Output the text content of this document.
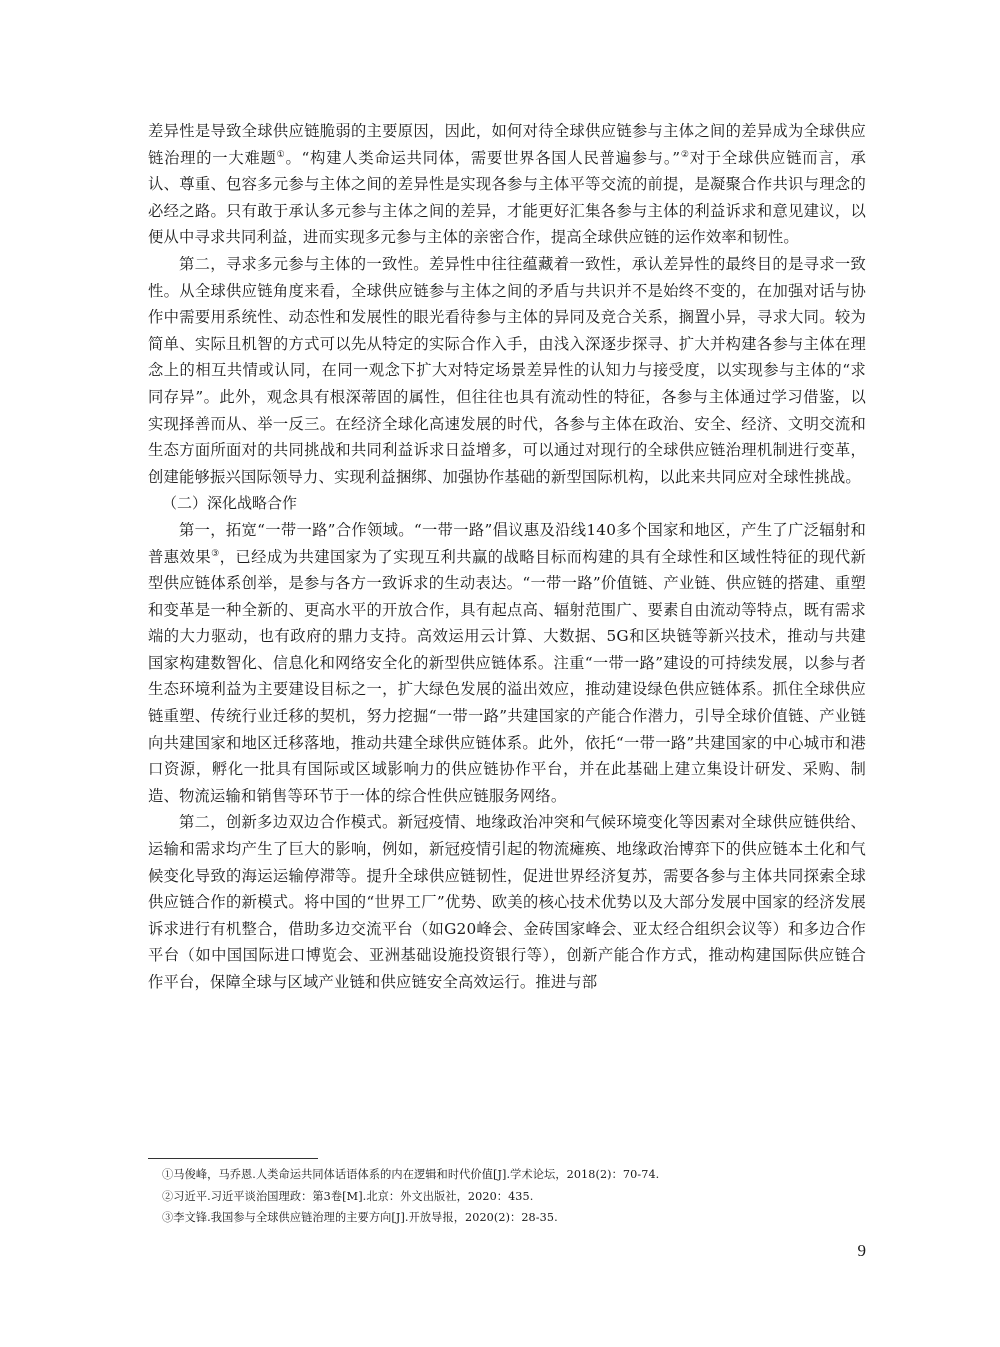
差异性是导致全球供应链脆弱的主要原因，因此，如何对待全球供应链参与主体之间的差异成为全球供应链治理的一大难题①。“构建人类命运共同体，需要世界各国人民普遍参与。”②对于全球供应链而言，承认、尊重、包容多元参与主体之间的差异性是实现各参与主体平等交流的前提，是凝聚合作共识与理念的必经之路。只有敢于承认多元参与主体之间的差异，才能更好汇集各参与主体的利益诉求和意见建议，以便从中寻求共同利益，进而实现多元参与主体的亲密合作，提高全球供应链的运作效率和韧性。

第二，寻求多元参与主体的一致性。差异性中往往蕴藏着一致性，承认差异性的最终目的是寻求一致性。从全球供应链角度来看，全球供应链参与主体之间的矛盾与共识并不是始终不变的，在加强对话与协作中需要用系统性、动态性和发展性的眼光看待参与主体的异同及竞合关系，搁置小异，寻求大同。较为简单、实际且机智的方式可以先从特定的实际合作入手，由浅入深逐步探寻、扩大并构建各参与主体在理念上的相互共情或认同，在同一观念下扩大对特定场景差异性的认知力与接受度，以实现参与主体的“求同存异”。此外，观念具有根深蒂固的属性，但往往也具有流动性的特征，各参与主体通过学习借鉴，以实现择善而从、举一反三。在经济全球化高速发展的时代，各参与主体在政治、安全、经济、文明交流和生态方面所面对的共同挑战和共同利益诉求日益增多，可以通过对现行的全球供应链治理机制进行变革，创建能够振兴国际领导力、实现利益捆绑、加强协作基础的新型国际机构，以此来共同应对全球性挑战。

（二）深化战略合作

第一，拓宽“一带一路”合作领域。“一带一路”倡议惠及沿线140多个国家和地区，产生了广泛辐射和普惠效果③，已经成为共建国家为了实现互利共赢的战略目标而构建的具有全球性和区域性特征的现代新型供应链体系创举，是参与各方一致诉求的生动表达。“一带一路”价值链、产业链、供应链的搭建、重塑和变革是一种全新的、更高水平的开放合作，具有起点高、辐射范围广、要素自由流动等特点，既有需求端的大力驱动，也有政府的鼎力支持。高效运用云计算、大数据、5G和区块链等新兴技术，推动与共建国家构建数智化、信息化和网络安全化的新型供应链体系。注重“一带一路”建设的可持续发展，以参与者生态环境利益为主要建设目标之一，扩大绿色发展的溢出效应，推动建设绿色供应链体系。抓住全球供应链重塑、传统行业迁移的契机，努力挖掘“一带一路”共建国家的产能合作潜力，引导全球价值链、产业链向共建国家和地区迁移落地，推动共建全球供应链体系。此外，依托“一带一路”共建国家的中心城市和港口资源，孵化一批具有国际或区域影响力的供应链协作平台，并在此基础上建立集设计研发、采购、制造、物流运输和销售等环节于一体的综合性供应链服务网络。

第二，创新多边双边合作模式。新冠疫情、地缘政治冲突和气候环境变化等因素对全球供应链供给、运输和需求均产生了巨大的影响，例如，新冠疫情引起的物流瘫痪、地缘政治博弈下的供应链本土化和气候变化导致的海运运输停滞等。提升全球供应链韧性，促进世界经济复苏，需要各参与主体共同探索全球供应链合作的新模式。将中国的“世界工厂”优势、欧美的核心技术优势以及大部分发展中国家的经济发展诉求进行有机整合，借助多边交流平台（如G20峰会、金砖国家峰会、亚太经合组织会议等）和多边合作平台（如中国国际进口博览会、亚洲基础设施投资银行等），创新产能合作方式，推动构建国际供应链合作平台，保障全球与区域产业链和供应链安全高效运行。推进与部

①马俊峰，马乔恩.人类命运共同体话语体系的内在逻辑和时代价值[J].学术论坛，2018(2)：70-74.

②习近平.习近平谈治国理政：第3卷[M].北京：外文出版社，2020：435.

③李文锋.我国参与全球供应链治理的主要方向[J].开放导报，2020(2)：28-35.

9
